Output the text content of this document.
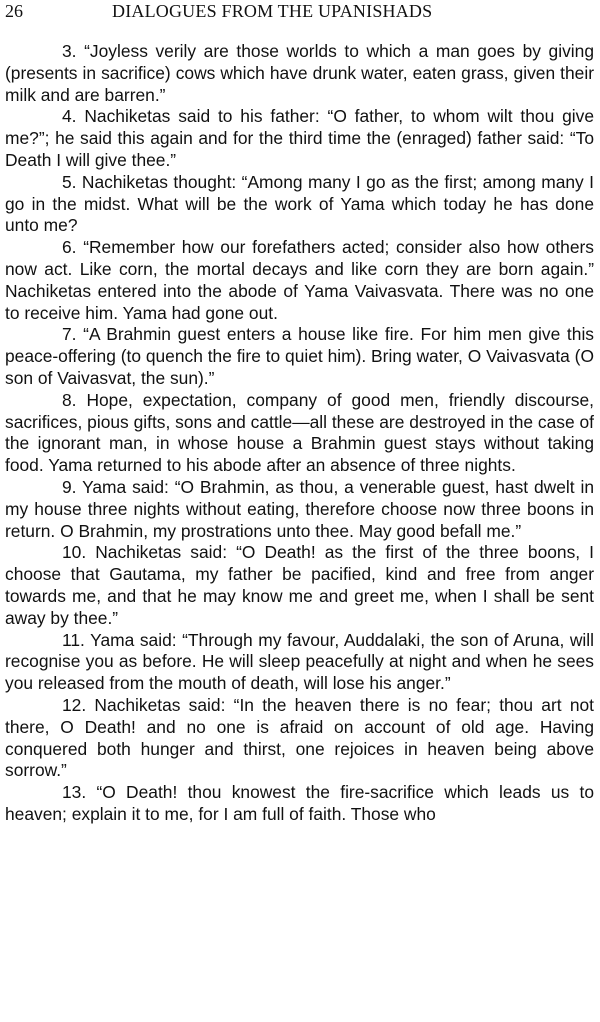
26	DIALOGUES FROM THE UPANISHADS

3. “Joyless verily are those worlds to which a man goes by giving (presents in sacrifice) cows which have drunk water, eaten grass, given their milk and are barren.”

4. Nachiketas said to his father: “O father, to whom wilt thou give me?”; he said this again and for the third time the (enraged) father said: “To Death I will give thee.”

5. Nachiketas thought: “Among many I go as the first; among many I go in the midst. What will be the work of Yama which today he has done unto me?

6. “Remember how our forefathers acted; consider also how others now act. Like corn, the mortal decays and like corn they are born again.” Nachiketas entered into the abode of Yama Vaivasvata. There was no one to receive him. Yama had gone out.

7. “A Brahmin guest enters a house like fire. For him men give this peace-offering (to quench the fire to quiet him). Bring water, O Vaivasvata (O son of Vaivasvat, the sun).”

8. Hope, expectation, company of good men, friendly discourse, sacrifices, pious gifts, sons and cattle—all these are destroyed in the case of the ignorant man, in whose house a Brahmin guest stays without taking food. Yama returned to his abode after an absence of three nights.

9. Yama said: “O Brahmin, as thou, a venerable guest, hast dwelt in my house three nights without eating, therefore choose now three boons in return. O Brahmin, my prostrations unto thee. May good befall me.”

10. Nachiketas said: “O Death! as the first of the three boons, I choose that Gautama, my father be pacified, kind and free from anger towards me, and that he may know me and greet me, when I shall be sent away by thee.”

11. Yama said: “Through my favour, Auddalaki, the son of Aruna, will recognise you as before. He will sleep peacefully at night and when he sees you released from the mouth of death, will lose his anger.”

12. Nachiketas said: “In the heaven there is no fear; thou art not there, O Death! and no one is afraid on account of old age. Having conquered both hunger and thirst, one rejoices in heaven being above sorrow.”

13. “O Death! thou knowest the fire-sacrifice which leads us to heaven; explain it to me, for I am full of faith. Those who
